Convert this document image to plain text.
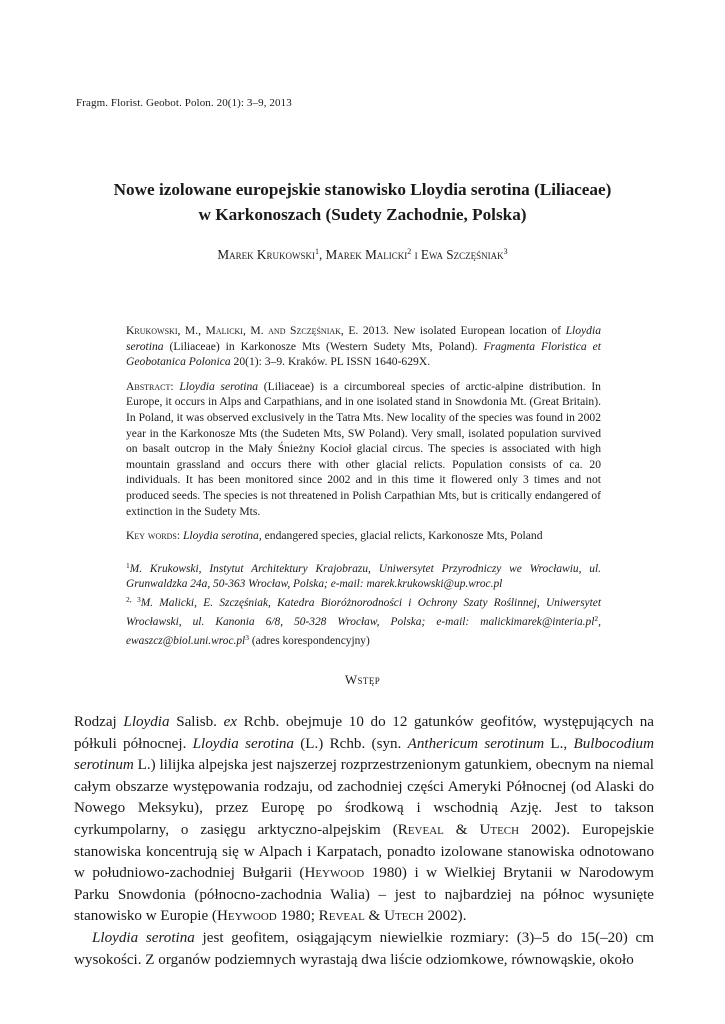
Fragm. Florist. Geobot. Polon. 20(1): 3–9, 2013
Nowe izolowane europejskie stanowisko Lloydia serotina (Liliaceae)
w Karkonoszach (Sudety Zachodnie, Polska)
Marek Krukowski$^1$, Marek Malicki$^2$ i Ewa Szczęśniak$^3$

Krukowski, M., Malicki, M. and Szczęśniak, E. 2013. New isolated European location of Lloydia serotina (Liliaceae) in Karkonosze Mts (Western Sudety Mts, Poland). Fragmenta Floristica et Geobotanica Polonica 20(1): 3–9. Kraków. PL ISSN 1640-629X.

Abstract: Lloydia serotina (Liliaceae) is a circumboreal species of arctic-alpine distribution. In Europe, it occurs in Alps and Carpathians, and in one isolated stand in Snowdonia Mt. (Great Britain). In Poland, it was observed exclusively in the Tatra Mts. New locality of the species was found in 2002 year in the Karkonosze Mts (the Sudeten Mts, SW Poland). Very small, isolated population survived on basalt outcrop in the Mały Śnieżny Kocioł glacial circus. The species is associated with high mountain grassland and occurs there with other glacial relicts. Population consists of ca. 20 individuals. It has been monitored since 2002 and in this time it flowered only 3 times and not produced seeds. The species is not threatened in Polish Carpathian Mts, but is critically endangered of extinction in the Sudety Mts.

Key words: Lloydia serotina, endangered species, glacial relicts, Karkonosze Mts, Poland

$^1$M. Krukowski, Instytut Architektury Krajobrazu, Uniwersytet Przyrodniczy we Wrocławiu, ul. Grunwaldzka 24a, 50-363 Wrocław, Polska; e-mail: marek.krukowski@up.wroc.pl

$^{2, 3}$M. Malicki, E. Szczęśniak, Katedra Bioróżnorodności i Ochrony Szaty Roślinnej, Uniwersytet Wrocławski, ul. Kanonia 6/8, 50-328 Wrocław, Polska; e-mail: $malickimarek@interia.pl^2$, $ewaszcz@biol.uni.wroc.pl^3$ (adres korespondencyjny)

Wstęp

Rodzaj Lloydia Salisb. ex Rchb. obejmuje 10 do 12 gatunków geofitów, występujących na półkuli północnej. Lloydia serotina (L.) Rchb. (syn. Anthericum serotinum L., Bulbocodium serotinum L.) lilijka alpejska jest najszerzej rozprzestrzenionym gatunkiem, obecnym na niemal całym obszarze występowania rodzaju, od zachodniej części Ameryki Północnej (od Alaski do Nowego Meksyku), przez Europę po środkową i wschodnią Azję. Jest to takson cyrkumpolarny, o zasięgu arktyczno-alpejskim (Reveal & Utech 2002). Europejskie stanowiska koncentrują się w Alpach i Karpatach, ponadto izolowane stanowiska odnotowano w południowo-zachodniej Bułgarii (Heywood 1980) i w Wielkiej Brytanii w Narodowym Parku Snowdonia (północno-zachodnia Walia) – jest to najbardziej na północ wysunięte stanowisko w Europie (Heywood 1980; Reveal & Utech 2002).

Lloydia serotina jest geofitem, osiągającym niewielkie rozmiary: (3)–5 do 15(–20) cm wysokości. Z organów podziemnych wyrastają dwa liście odziomkowe, równowąskie, około
